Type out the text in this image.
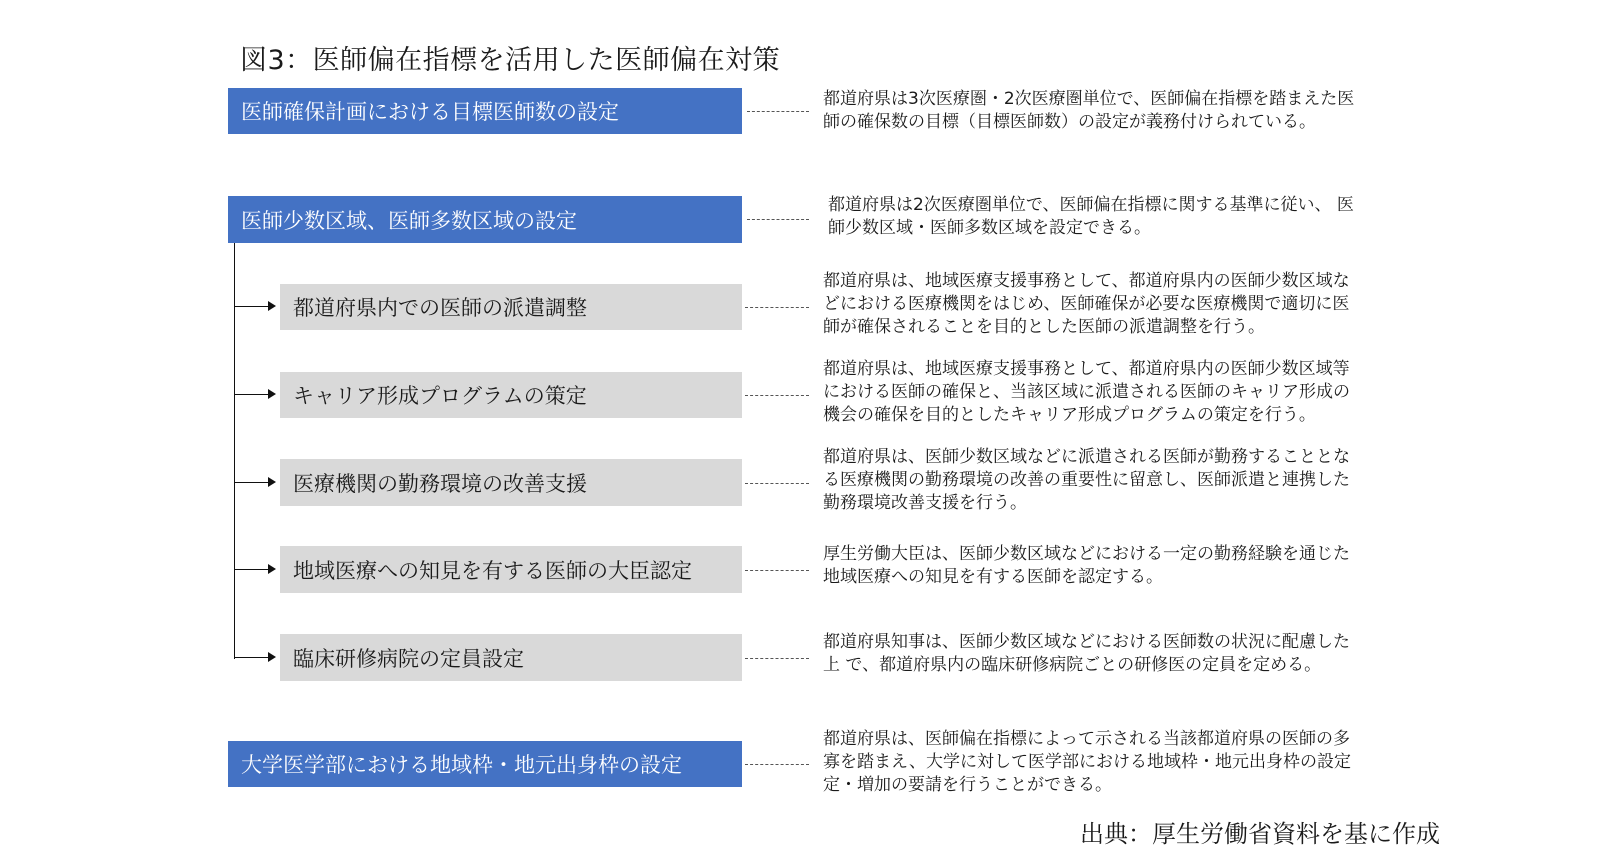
図3：医師偏在指標を活用した医師偏在対策
医師確保計画における目標医師数の設定
都道府県は3次医療圏・2次医療圏単位で、医師偏在指標を踏まえた医
師の確保数の目標（目標医師数）の設定が義務付けられている。
医師少数区域、医師多数区域の設定
都道府県は2次医療圏単位で、医師偏在指標に関する基準に従い、 医
師少数区域・医師多数区域を設定できる。
都道府県内での医師の派遣調整
都道府県は、地域医療支援事務として、都道府県内の医師少数区域な
どにおける医療機関をはじめ、医師確保が必要な医療機関で適切に医
師が確保されることを目的とした医師の派遣調整を行う。
キャリア形成プログラムの策定
都道府県は、地域医療支援事務として、都道府県内の医師少数区域等
における医師の確保と、当該区域に派遣される医師のキャリア形成の
機会の確保を目的としたキャリア形成プログラムの策定を行う。
医療機関の勤務環境の改善支援
都道府県は、医師少数区域などに派遣される医師が勤務することとな
る医療機関の勤務環境の改善の重要性に留意し、医師派遣と連携した
勤務環境改善支援を行う。
地域医療への知見を有する医師の大臣認定
厚生労働大臣は、医師少数区域などにおける一定の勤務経験を通じた
地域医療への知見を有する医師を認定する。
臨床研修病院の定員設定
都道府県知事は、医師少数区域などにおける医師数の状況に配慮した
上 で、都道府県内の臨床研修病院ごとの研修医の定員を定める。
大学医学部における地域枠・地元出身枠の設定
都道府県は、医師偏在指標によって示される当該都道府県の医師の多
寡を踏まえ、大学に対して医学部における地域枠・地元出身枠の設定
定・増加の要請を行うことができる。
出典：厚生労働省資料を基に作成
